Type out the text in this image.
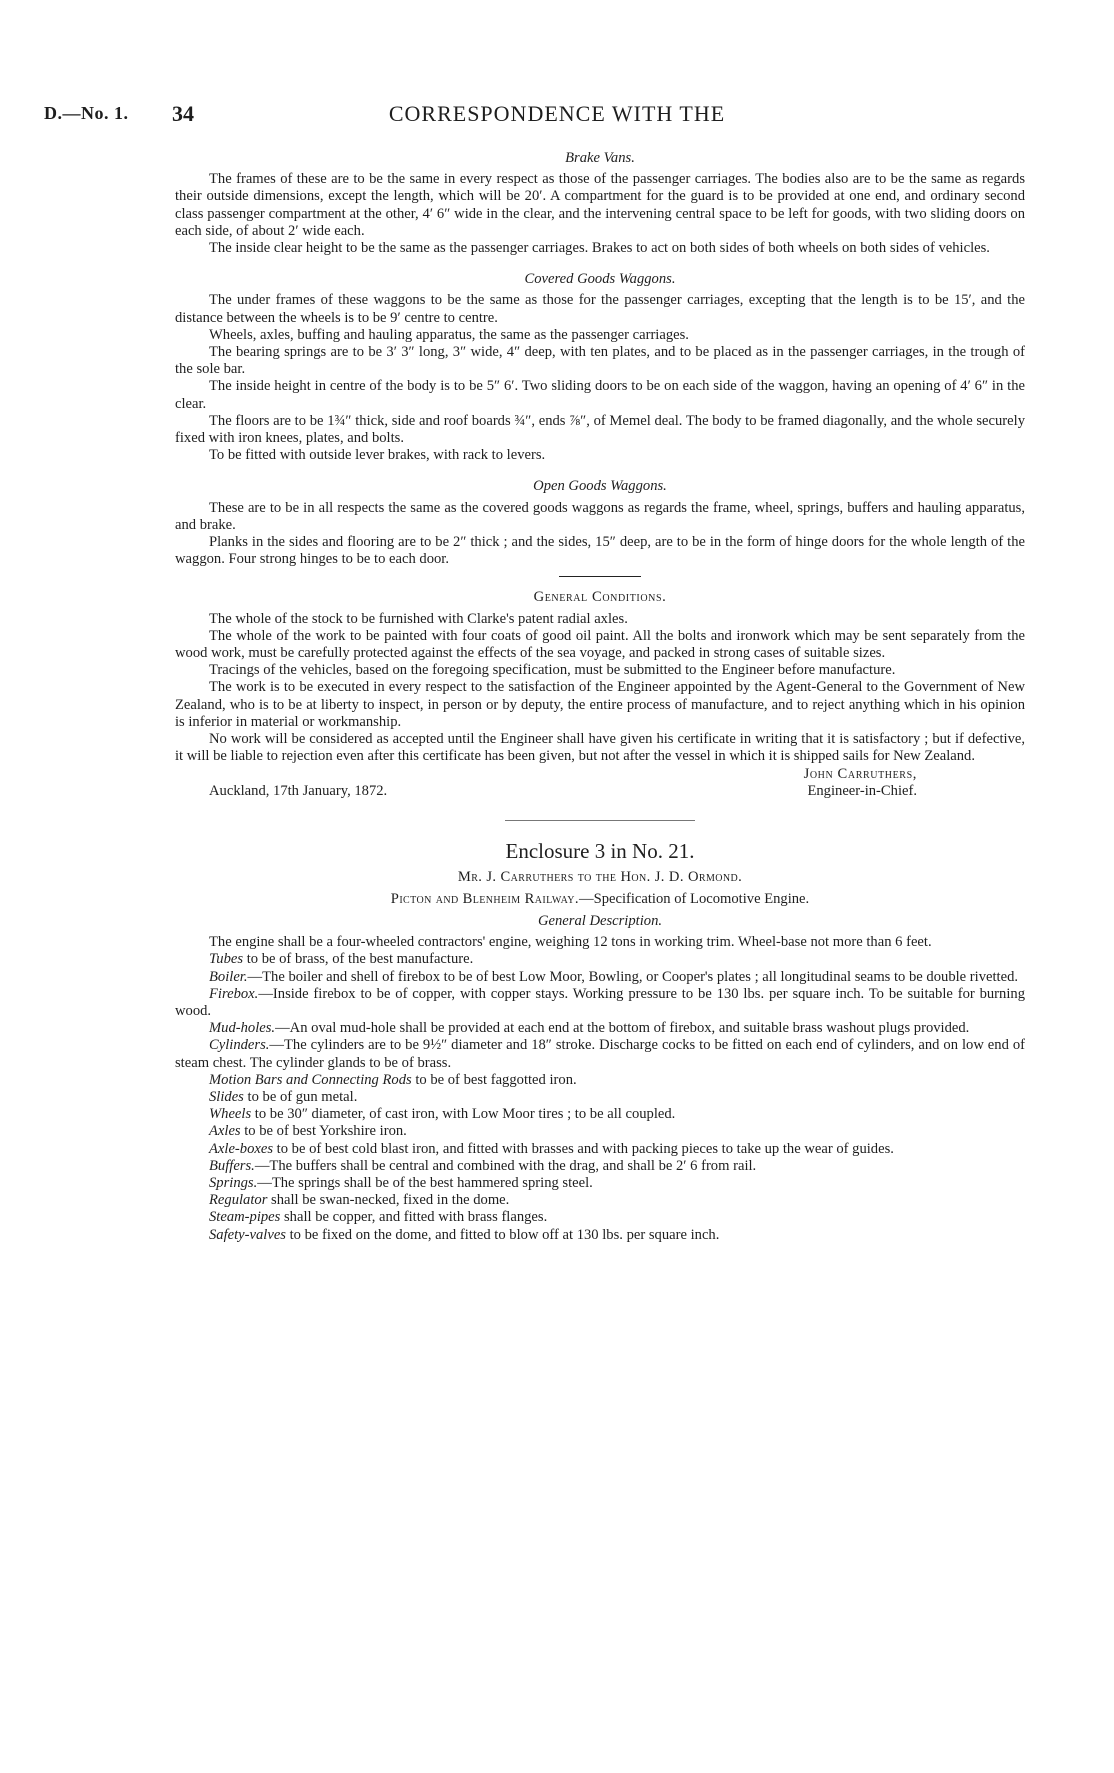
D.—No. 1. 34	CORRESPONDENCE WITH THE
Brake Vans.

The frames of these are to be the same in every respect as those of the passenger carriages. The bodies also are to be the same as regards their outside dimensions, except the length, which will be 20′. A compartment for the guard is to be provided at one end, and ordinary second class passenger compartment at the other, 4′ 6″ wide in the clear, and the intervening central space to be left for goods, with two sliding doors on each side, of about 2′ wide each.

The inside clear height to be the same as the passenger carriages. Brakes to act on both sides of both wheels on both sides of vehicles.

Covered Goods Waggons.

The under frames of these waggons to be the same as those for the passenger carriages, excepting that the length is to be 15′, and the distance between the wheels is to be 9′ centre to centre.

Wheels, axles, buffing and hauling apparatus, the same as the passenger carriages.

The bearing springs are to be 3′ 3″ long, 3″ wide, 4″ deep, with ten plates, and to be placed as in the passenger carriages, in the trough of the sole bar.

The inside height in centre of the body is to be 5″ 6′. Two sliding doors to be on each side of the waggon, having an opening of 4′ 6″ in the clear.

The floors are to be 1¾″ thick, side and roof boards ¾″, ends ⅞″, of Memel deal. The body to be framed diagonally, and the whole securely fixed with iron knees, plates, and bolts.

To be fitted with outside lever brakes, with rack to levers.

Open Goods Waggons.

These are to be in all respects the same as the covered goods waggons as regards the frame, wheel, springs, buffers and hauling apparatus, and brake.

Planks in the sides and flooring are to be 2″ thick ; and the sides, 15″ deep, are to be in the form of hinge doors for the whole length of the waggon. Four strong hinges to be to each door.

General Conditions.

The whole of the stock to be furnished with Clarke's patent radial axles.

The whole of the work to be painted with four coats of good oil paint. All the bolts and ironwork which may be sent separately from the wood work, must be carefully protected against the effects of the sea voyage, and packed in strong cases of suitable sizes.

Tracings of the vehicles, based on the foregoing specification, must be submitted to the Engineer before manufacture.

The work is to be executed in every respect to the satisfaction of the Engineer appointed by the Agent-General to the Government of New Zealand, who is to be at liberty to inspect, in person or by deputy, the entire process of manufacture, and to reject anything which in his opinion is inferior in material or workmanship.

No work will be considered as accepted until the Engineer shall have given his certificate in writing that it is satisfactory ; but if defective, it will be liable to rejection even after this certificate has been given, but not after the vessel in which it is shipped sails for New Zealand.

John Carruthers,
Auckland, 17th January, 1872.	Engineer-in-Chief.
Enclosure 3 in No. 21.
Mr. J. Carruthers to the Hon. J. D. Ormond.
Picton and Blenheim Railway.—Specification of Locomotive Engine.
General Description.

The engine shall be a four-wheeled contractors' engine, weighing 12 tons in working trim. Wheel-base not more than 6 feet.

Tubes to be of brass, of the best manufacture.

Boiler.—The boiler and shell of firebox to be of best Low Moor, Bowling, or Cooper's plates ; all longitudinal seams to be double rivetted.

Firebox.—Inside firebox to be of copper, with copper stays. Working pressure to be 130 lbs. per square inch. To be suitable for burning wood.

Mud-holes.—An oval mud-hole shall be provided at each end at the bottom of firebox, and suitable brass washout plugs provided.

Cylinders.—The cylinders are to be 9½″ diameter and 18″ stroke. Discharge cocks to be fitted on each end of cylinders, and on low end of steam chest. The cylinder glands to be of brass.

Motion Bars and Connecting Rods to be of best faggotted iron.

Slides to be of gun metal.

Wheels to be 30″ diameter, of cast iron, with Low Moor tires ; to be all coupled.

Axles to be of best Yorkshire iron.

Axle-boxes to be of best cold blast iron, and fitted with brasses and with packing pieces to take up the wear of guides.

Buffers.—The buffers shall be central and combined with the drag, and shall be 2′ 6 from rail.

Springs.—The springs shall be of the best hammered spring steel.

Regulator shall be swan-necked, fixed in the dome.

Steam-pipes shall be copper, and fitted with brass flanges.

Safety-valves to be fixed on the dome, and fitted to blow off at 130 lbs. per square inch.
